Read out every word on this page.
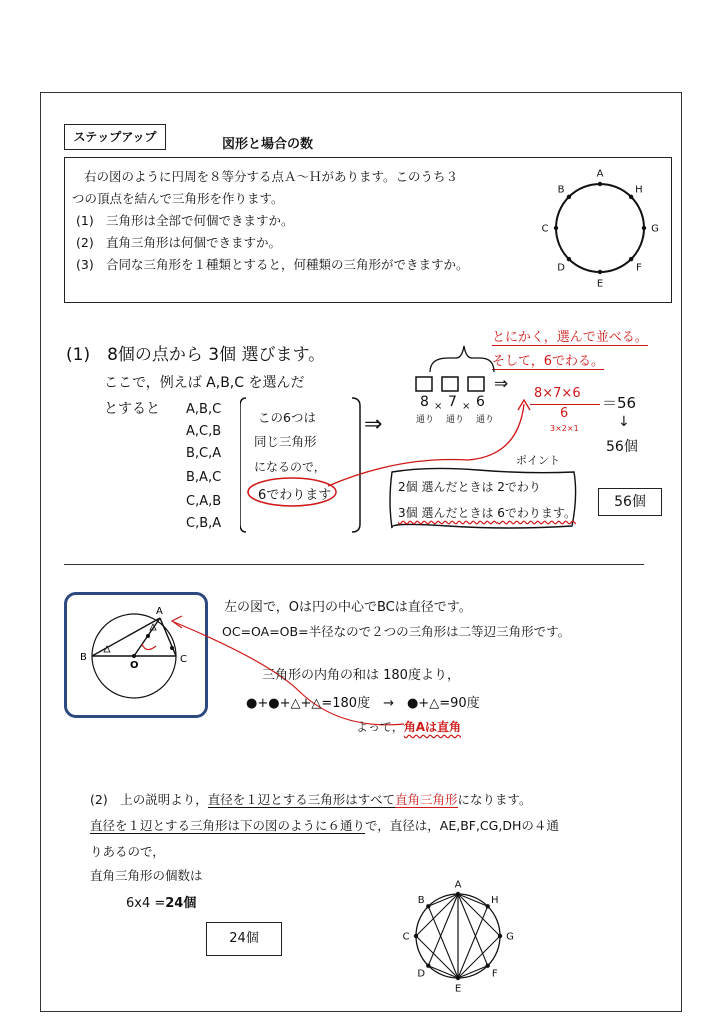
ステップアップ	図形と場合の数
右の図のように円周を８等分する点Ａ〜Ｈがあります。このうち３
つの頂点を結んで三角形を作ります。
(1) 三角形は全部で何個できますか。
(2) 直角三角形は何個できますか。
(3) 合同な三角形を１種類とすると，何種類の三角形ができますか。
A
H
G
F
E
D
C
B
(1)　8個の点から 3個 選びます。
ここで，例えば A,B,C を選んだ
とすると A,B,C
A,C,B
B,C,A
B,A,C
C,A,B
C,B,A
この6つは
同じ三角形
になるので，
6でわります
⇒
とにかく，選んで並べる。
そして，6でわる。
⇒
8 × 7 × 6
通り 通り 通り
8×7×6
6
3×2×1
＝56
↓
56個
ポイント
2個 選んだときは 2でわり
3個 選んだときは 6でわります。
56個
A
B	C
O
左の図で，Oは円の中心でBCは直径です。
OC=OA=OB=半径なので２つの三角形は二等辺三角形です。
三角形の内角の和は 180度より，
●+●+△+△=180度　→　●+△=90度
よって，角Aは直角
(2)　上の説明より，直径を１辺とする三角形はすべて直角三角形になります。
直径を１辺とする三角形は下の図のように６通りで，直径は，AE,BF,CG,DHの４通
りあるので，
直角三角形の個数は
6x4 =24個
24個
A
H
G
F
E
D
C
B
